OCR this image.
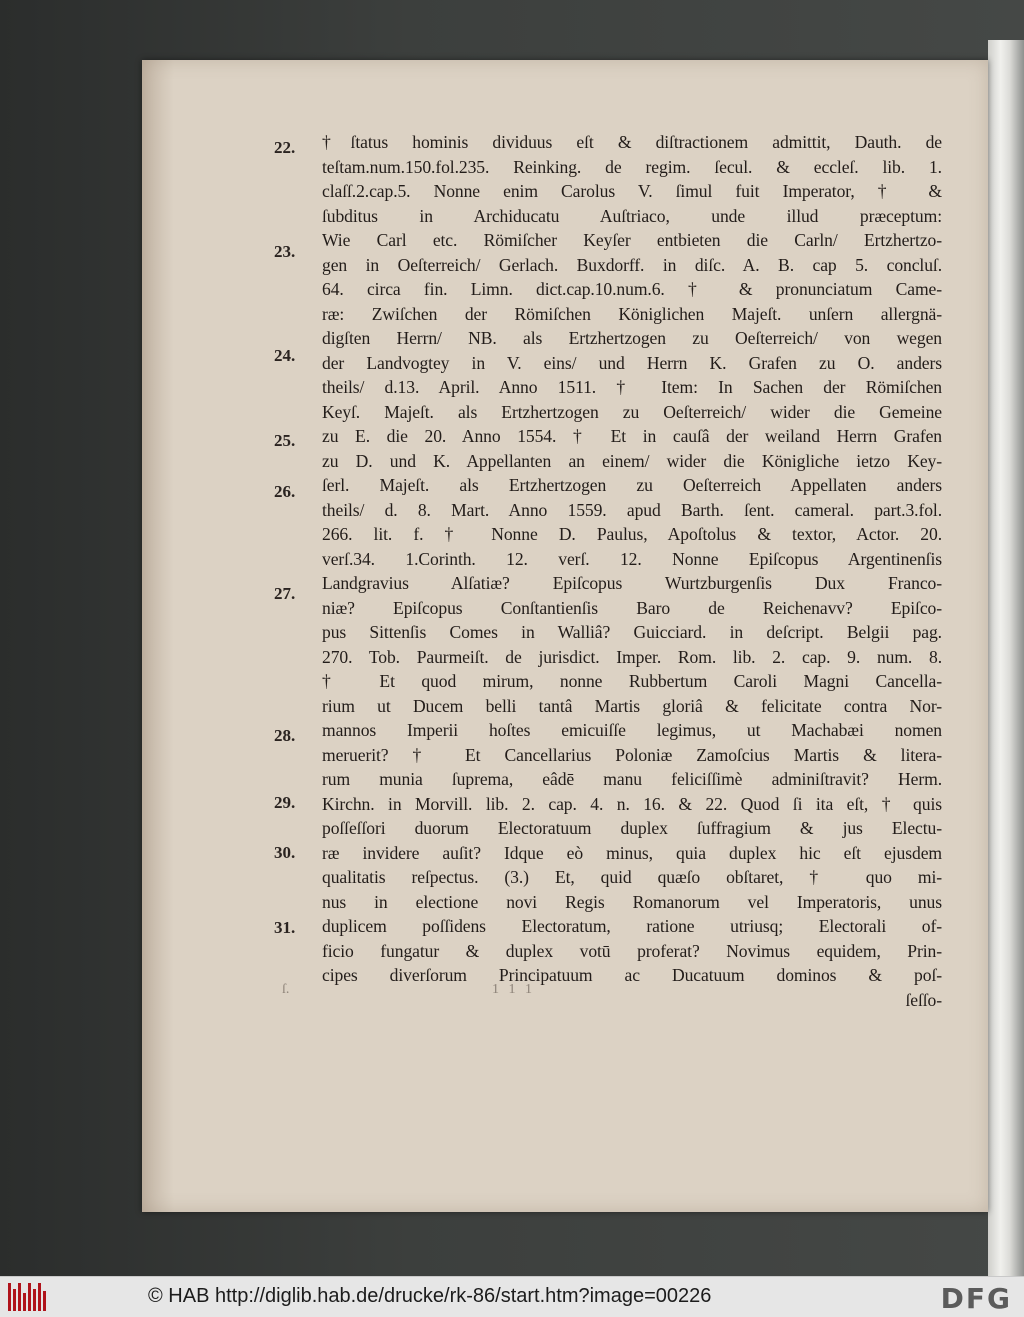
22.
23.
24.
25.
26.
27.
28.
29.
30.
31.
†ſtatus hominis dividuus eſt & diſtractionem admittit, Dauth. de
teſtam.num.150.fol.235. Reinking. de regim. ſecul. & eccleſ. lib. 1.
claſſ.2.cap.5. Nonne enim Carolus V. ſimul fuit Imperator, † &
ſubditus in Archiducatu Auſtriaco, unde illud præceptum:
Wie Carl etc. Römiſcher Keyſer entbieten die Carln/ Ertzhertzo-
gen in Oeſterreich/ Gerlach. Buxdorff. in diſc. A. B. cap 5. concluſ.
64. circa fin. Limn. dict.cap.10.num.6. † & pronunciatum Came-
ræ: Zwiſchen der Römiſchen Königlichen Majeſt. unſern allergnä-
digſten Herrn/ NB. als Ertzhertzogen zu Oeſterreich/ von wegen
der Landvogtey in V. eins/ und Herrn K. Grafen zu O. anders
theils/ d.13. April. Anno 1511. † Item: In Sachen der Römiſchen
Keyſ. Majeſt. als Ertzhertzogen zu Oeſterreich/ wider die Gemeine
zu E. die 20. Anno 1554. † Et in cauſâ der weiland Herrn Grafen
zu D. und K. Appellanten an einem/ wider die Königliche ietzo Key-
ſerl. Majeſt. als Ertzhertzogen zu Oeſterreich Appellaten anders
theils/ d. 8. Mart. Anno 1559. apud Barth. ſent. cameral. part.3.fol.
266. lit. f. † Nonne D. Paulus, Apoſtolus & textor, Actor. 20.
verſ.34. 1.Corinth. 12. verſ. 12. Nonne Epiſcopus Argentinenſis
Landgravius Alſatiæ? Epiſcopus Wurtzburgenſis Dux Franco-
niæ? Epiſcopus Conſtantienſis Baro de Reichenavv? Epiſco-
pus Sittenſis Comes in Walliâ? Guicciard. in deſcript. Belgii pag.
270. Tob. Paurmeiſt. de jurisdict. Imper. Rom. lib. 2. cap. 9. num. 8.
† Et quod mirum, nonne Rubbertum Caroli Magni Cancella-
rium ut Ducem belli tantâ Martis gloriâ & felicitate contra Nor-
mannos Imperii hoſtes emicuiſſe legimus, ut Machabæi nomen
meruerit? † Et Cancellarius Poloniæ Zamoſcius Martis & litera-
rum munia ſuprema, eâdē manu feliciſſimè adminiſtravit? Herm.
Kirchn. in Morvill. lib. 2. cap. 4. n. 16. & 22. Quod ſi ita eſt, † quis
poſſeſſori duorum Electoratuum duplex ſuffragium & jus Electu-
ræ invidere auſit? Idque eò minus, quia duplex hic eſt ejusdem
qualitatis reſpectus. (3.) Et, quid quæſo obſtaret, † quo mi-
nus in electione novi Regis Romanorum vel Imperatoris, unus
duplicem poſſidens Electoratum, ratione utriusq; Electorali of-
ficio fungatur & duplex votū proferat? Novimus equidem, Prin-
cipes diverſorum Principatuum ac Ducatuum dominos & poſ-
ſeſſo-
ſ.	1 1 1
© HAB http://diglib.hab.de/drucke/rk-86/start.htm?image=00226	DFG
